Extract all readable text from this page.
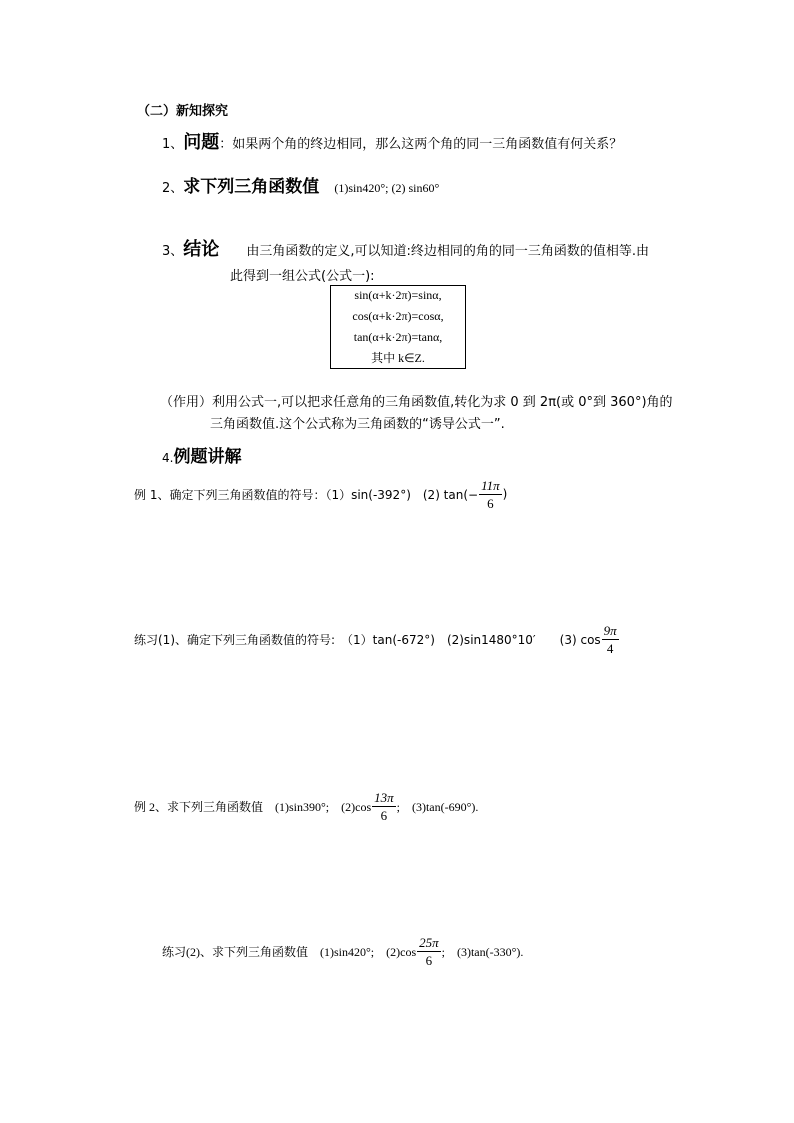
（二）新知探究
1、问题：如果两个角的终边相同，那么这两个角的同一三角函数值有何关系？
2、求下列三角函数值 (1)sin420°; (2) sin60°
3、结论 由三角函数的定义,可以知道:终边相同的角的同一三角函数的值相等.由
此得到一组公式(公式一):
sin(α+k·2π)=sinα,
cos(α+k·2π)=cosα,
tan(α+k·2π)=tanα,
其中 k∈Z.
（作用）利用公式一,可以把求任意角的三角函数值,转化为求 0 到 2π(或 0°到 360°)角的
三角函数值.这个公式称为三角函数的“诱导公式一”.
4.例题讲解
例 1、确定下列三角函数值的符号：（1）sin(-392°)　(2) $\tan(- \frac{11\pi}{6}$ )
练习(1)、确定下列三角函数值的符号:　（1）tan(-672°)　(2)sin1480°10′　　(3) $\cos \frac{9\pi}{4}$
例 2、求下列三角函数值　(1)sin390°;　$(2)\cos \frac{13\pi}{6}$ ;　(3)tan(-690°).
练习(2)、求下列三角函数值　(1)sin420°;　$(2)\cos \frac{25\pi}{6}$ ;　(3)tan(-330°).
